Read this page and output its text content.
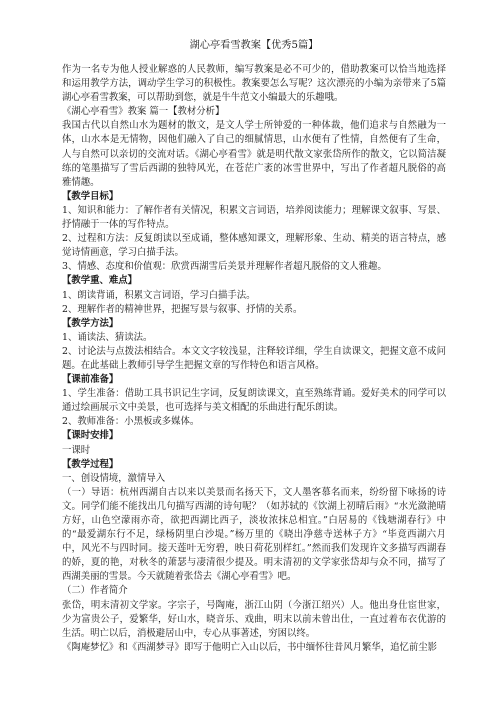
湖心亭看雪教案【优秀5篇】

作为一名专为他人授业解惑的人民教师，编写教案是必不可少的，借助教案可以恰当地选择和运用教学方法，调动学生学习的积极性。教案要怎么写呢？这次漂亮的小编为亲带来了5篇湖心亭看雪教案，可以帮助到您，就是牛牛范文小编最大的乐趣哦。

《湖心亭看雪》教案 篇一【教材分析】

我国古代以自然山水为题材的散文，是文人学士所钟爱的一种体裁，他们追求与自然融为一体，山水本是无情物，因他们融入了自己的细腻情思，山水便有了性情，自然便有了生命，人与自然可以亲切的交流对话。《湖心亭看雪》就是明代散文家张岱所作的散文，它以简洁凝练的笔墨描写了雪后西湖的独特风光，在苍茫广袤的冰雪世界中，写出了作者超凡脱俗的高雅情趣。

【教学目标】

1、知识和能力：了解作者有关情况，积累文言词语，培养阅读能力；理解课文叙事、写景、抒情融于一体的写作特点。

2、过程和方法：反复朗读以至成诵，整体感知课文，理解形象、生动、精美的语言特点，感觉诗情画意，学习白描手法。

3、情感、态度和价值观：欣赏西湖雪后美景并理解作者超凡脱俗的文人雅趣。

【教学重、难点】

1、朗读背诵，积累文言词语，学习白描手法。

2、理解作者的精神世界，把握写景与叙事、抒情的关系。

【教学方法】

1、诵读法、猜读法。

2、讨论法与点拨法相结合。本文文字较浅显，注释较详细，学生自读课文，把握文意不成问题。在此基础上教师引导学生把握文章的写作特色和语言风格。

【课前准备】

1、学生准备：借助工具书识记生字词，反复朗读课文，直至熟练背诵。爱好美术的同学可以通过绘画展示文中美景，也可选择与美文相配的乐曲进行配乐朗读。

2、教师准备：小黑板或多媒体。

【课时安排】

一课时

【教学过程】

一、创设情境，激情导入

（一）导语：杭州西湖自古以来以美景而名扬天下，文人墨客慕名而来，纷纷留下咏扬的诗文。同学们能不能找出几句描写西湖的诗句呢？（如苏轼的《饮湖上初晴后雨》“水光潋滟晴方好，山色空濛雨亦奇，欲把西湖比西子，淡妆浓抹总相宜。”白居易的《钱塘湖春行》中的“最爱湖东行不足，绿杨阴里白沙堤。”杨万里的《晓出净慈寺送林子方》“毕竟西湖六月中，风光不与四时同。接天莲叶无穷碧，映日荷花别样红。”然而我们发现许文多描写西湖春的娇，夏的艳，对秋冬的萧瑟与凄清很少提及。明末清初的文学家张岱却与众不同，描写了西湖美丽的雪景。今天就随着张岱去《湖心亭看雪》吧。

（二）作者简介

张岱，明末清初文学家。字宗子，号陶庵，浙江山阴（今浙江绍兴）人。他出身仕宦世家，少为富贵公子，爱繁华，好山水，晓音乐、戏曲，明末以前未曾出仕，一直过着布衣优游的生活。明亡以后，消极避居山中，专心从事著述，穷困以终。

《陶庵梦忆》和《西湖梦寻》即写于他明亡入山以后，书中缅怀往昔风月繁华，追忆前尘影
